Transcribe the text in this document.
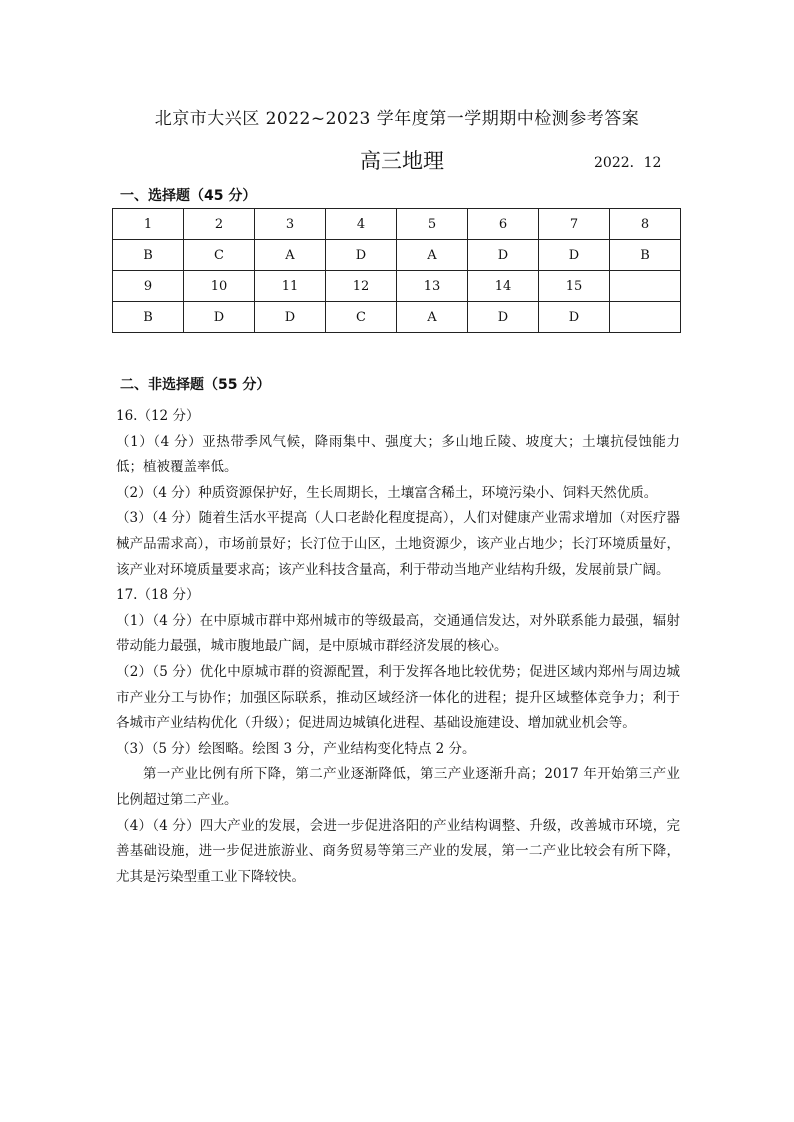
北京市大兴区 2022~2023 学年度第一学期期中检测参考答案
高三地理	2022．12
一、选择题（45 分）
1	2	3	4	5	6	7	8
B	C	A	D	A	D	D	B
9	10	11	12	13	14	15	
B	D	D	C	A	D	D	
二、非选择题（55 分）

16.（12 分）

（1）（4 分）亚热带季风气候，降雨集中、强度大；多山地丘陵、坡度大；土壤抗侵蚀能力低；植被覆盖率低。

（2）（4 分）种质资源保护好，生长周期长，土壤富含稀土，环境污染小、饲料天然优质。

（3）（4 分）随着生活水平提高（人口老龄化程度提高），人们对健康产业需求增加（对医疗器械产品需求高），市场前景好；长汀位于山区，土地资源少，该产业占地少；长汀环境质量好，该产业对环境质量要求高；该产业科技含量高，利于带动当地产业结构升级，发展前景广阔。

17.（18 分）

（1）（4 分）在中原城市群中郑州城市的等级最高，交通通信发达，对外联系能力最强，辐射带动能力最强，城市腹地最广阔，是中原城市群经济发展的核心。

（2）（5 分）优化中原城市群的资源配置，利于发挥各地比较优势；促进区域内郑州与周边城市产业分工与协作；加强区际联系，推动区域经济一体化的进程；提升区域整体竞争力；利于各城市产业结构优化（升级）；促进周边城镇化进程、基础设施建设、增加就业机会等。

（3）（5 分）绘图略。绘图 3 分，产业结构变化特点 2 分。

第一产业比例有所下降，第二产业逐渐降低，第三产业逐渐升高；2017 年开始第三产业比例超过第二产业。

（4）（4 分）四大产业的发展，会进一步促进洛阳的产业结构调整、升级，改善城市环境，完善基础设施，进一步促进旅游业、商务贸易等第三产业的发展，第一二产业比较会有所下降，尤其是污染型重工业下降较快。
